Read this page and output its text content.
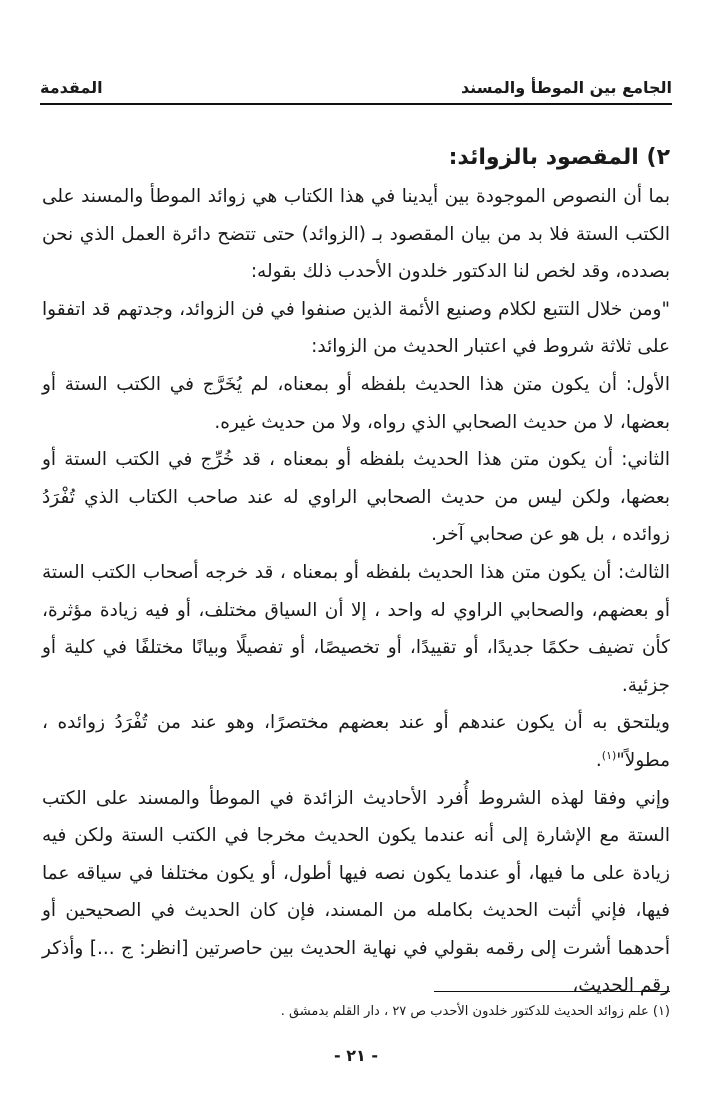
الجامع بين الموطأ والمسند
المقدمة

٢) المقصود بالزوائد:

بما أن النصوص الموجودة بين أيدينا في هذا الكتاب هي زوائد الموطأ والمسند على الكتب الستة فلا بد من بيان المقصود بـ (الزوائد) حتى تتضح دائرة العمل الذي نحن بصدده، وقد لخص لنا الدكتور خلدون الأحدب ذلك بقوله:

"ومن خلال التتبع لكلام وصنيع الأئمة الذين صنفوا في فن الزوائد، وجدتهم قد اتفقوا على ثلاثة شروط في اعتبار الحديث من الزوائد:

الأول: أن يكون متن هذا الحديث بلفظه أو بمعناه، لم يُخَرَّج في الكتب الستة أو بعضها، لا من حديث الصحابي الذي رواه، ولا من حديث غيره.

الثاني: أن يكون متن هذا الحديث بلفظه أو بمعناه ، قد خُرِّج في الكتب الستة أو بعضها، ولكن ليس من حديث الصحابي الراوي له عند صاحب الكتاب الذي تُفْرَدُ زوائده ، بل هو عن صحابي آخر.

الثالث: أن يكون متن هذا الحديث بلفظه أو بمعناه ، قد خرجه أصحاب الكتب الستة أو بعضهم، والصحابي الراوي له واحد ، إلا أن السياق مختلف، أو فيه زيادة مؤثرة، كأن تضيف حكمًا جديدًا، أو تقييدًا، أو تخصيصًا، أو تفصيلًا وبيانًا مختلفًا في كلية أو جزئية.

ويلتحق به أن يكون عندهم أو عند بعضهم مختصرًا، وهو عند من تُفْرَدُ زوائده ، مطولاً"$^{(١)}$.

وإني وفقا لهذه الشروط أُفرد الأحاديث الزائدة في الموطأ والمسند على الكتب الستة مع الإشارة إلى أنه عندما يكون الحديث مخرجا في الكتب الستة ولكن فيه زيادة على ما فيها، أو عندما يكون نصه فيها أطول، أو يكون مختلفا في سياقه عما فيها، فإني أثبت الحديث بكامله من المسند، فإن كان الحديث في الصحيحين أو أحدهما أشرت إلى رقمه بقولي في نهاية الحديث بين حاصرتين [انظر: ج ...] وأذكر رقم الحديث،

(١) علم زوائد الحديث للدكتور خلدون الأحدب ص ٢٧ ، دار القلم بدمشق .
- ٢١ -
